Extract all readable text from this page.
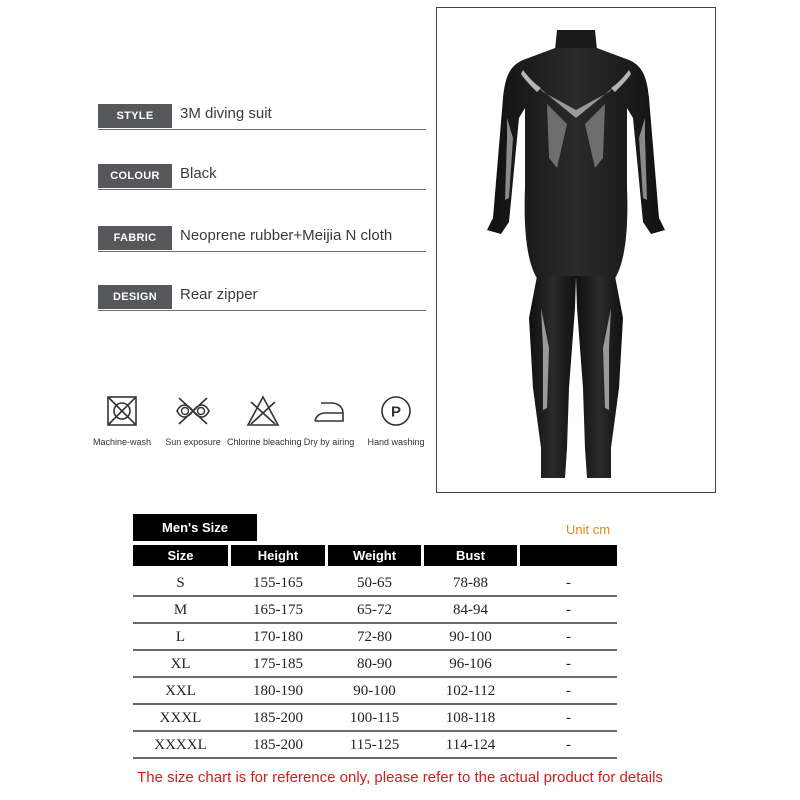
STYLE	3M diving suit
COLOUR	Black
FABRIC	Neoprene rubber+Meijia N cloth
DESIGN	Rear zipper
Machine-wash	Sun exposure Chlorine bleaching Dry by airing
P
Hand washing
Men's Size	Unit cm
Size	Height	Weight	Bust
S	155-165	50-65	78-88	-
M	165-175	65-72	84-94	-
L	170-180	72-80	90-100	-
XL	175-185	80-90	96-106	-
XXL	180-190	90-100	102-112	-
XXXL	185-200	100-115	108-118	-
XXXXL	185-200	115-125	114-124	-
The size chart is for reference only, please refer to the actual product for details
